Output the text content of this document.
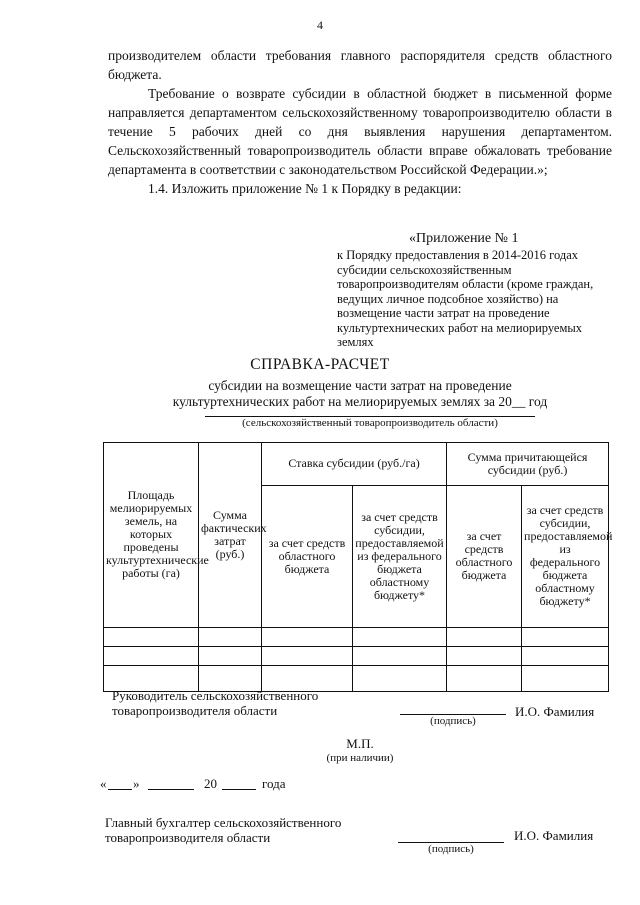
4

производителем области требования главного распорядителя средств областного бюджета.

Требование о возврате субсидии в областной бюджет в письменной форме направляется департаментом сельскохозяйственному товаропроизводителю области в течение 5 рабочих дней со дня выявления нарушения департаментом. Сельскохозяйственный товаропроизводитель области вправе обжаловать требование департамента в соответствии с законодательством Российской Федерации.»;

1.4. Изложить приложение № 1 к Порядку в редакции:

«Приложение № 1
к Порядку предоставления в 2014-2016 годах субсидии сельскохозяйственным товаропроизводителям области (кроме граждан, ведущих личное подсобное хозяйство) на возмещение части затрат на проведение культуртехнических работ на мелиорируемых землях
СПРАВКА-РАСЧЕТ
субсидии на возмещение части затрат на проведение
культуртехнических работ на мелиорируемых землях за 20__ год
(сельскохозяйственный товаропроизводитель области)
Площадь мелиорируемых земель, на которых проведены культуртехнические работы (га)	Сумма фактических затрат (руб.)	Ставка субсидии (руб./га)		Сумма причитающейся субсидии (руб.)	
		за счет средств областного бюджета	за счет средств субсидии, предоставляемой из федерального бюджета областному бюджету*	за счет средств областного бюджета	за счет средств субсидии, предоставляемой из федерального бюджета областному бюджету*

Руководитель сельскохозяйственного
товаропроизводителя области	И.О. Фамилия
(подпись)
М.П.
(при наличии)
« »	20	года
Главный бухгалтер сельскохозяйственного
товаропроизводителя области	И.О. Фамилия
(подпись)
